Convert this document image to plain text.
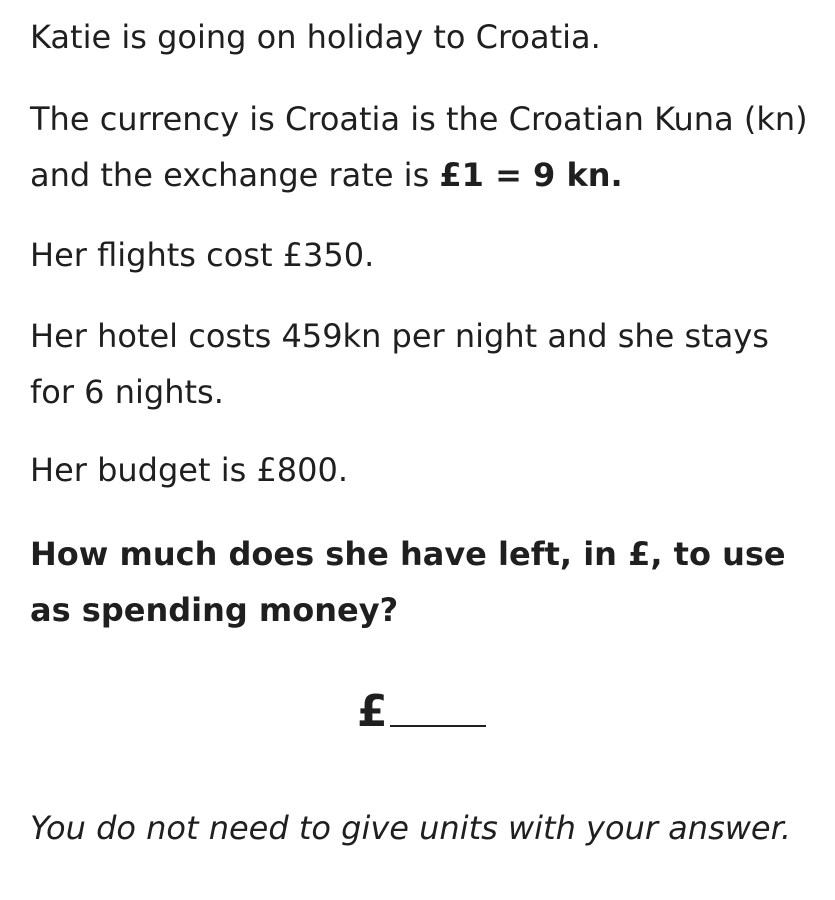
Katie is going on holiday to Croatia.

The currency is Croatia is the Croatian Kuna (kn) and the exchange rate is £1 = 9 kn.

Her flights cost £350.

Her hotel costs 459kn per night and she stays for 6 nights.

Her budget is £800.

How much does she have left, in £, to use as spending money?

You do not need to give units with your answer.

£
